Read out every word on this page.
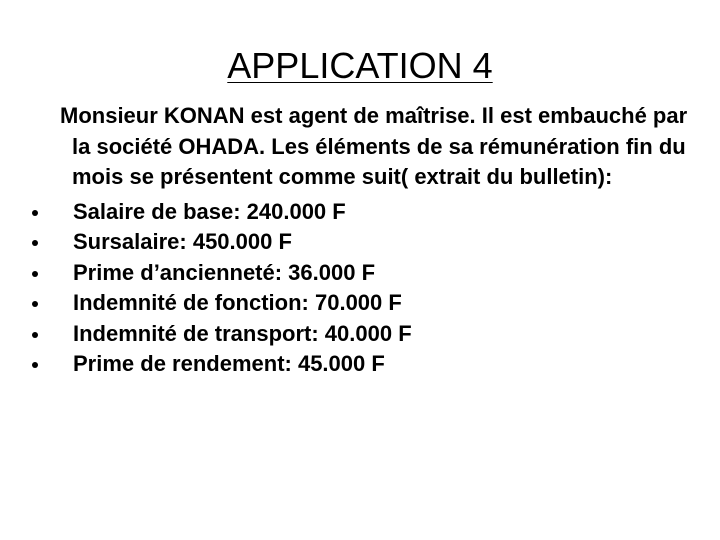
APPLICATION 4

Monsieur KONAN est agent de maîtrise. Il est embauché par la société OHADA. Les éléments de sa rémunération fin du mois se présentent comme suit( extrait du bulletin):

Salaire de base: 240.000 F
Sursalaire: 450.000 F
Prime d’ancienneté: 36.000 F
Indemnité de fonction: 70.000 F
Indemnité de transport: 40.000 F
Prime de rendement: 45.000 F
